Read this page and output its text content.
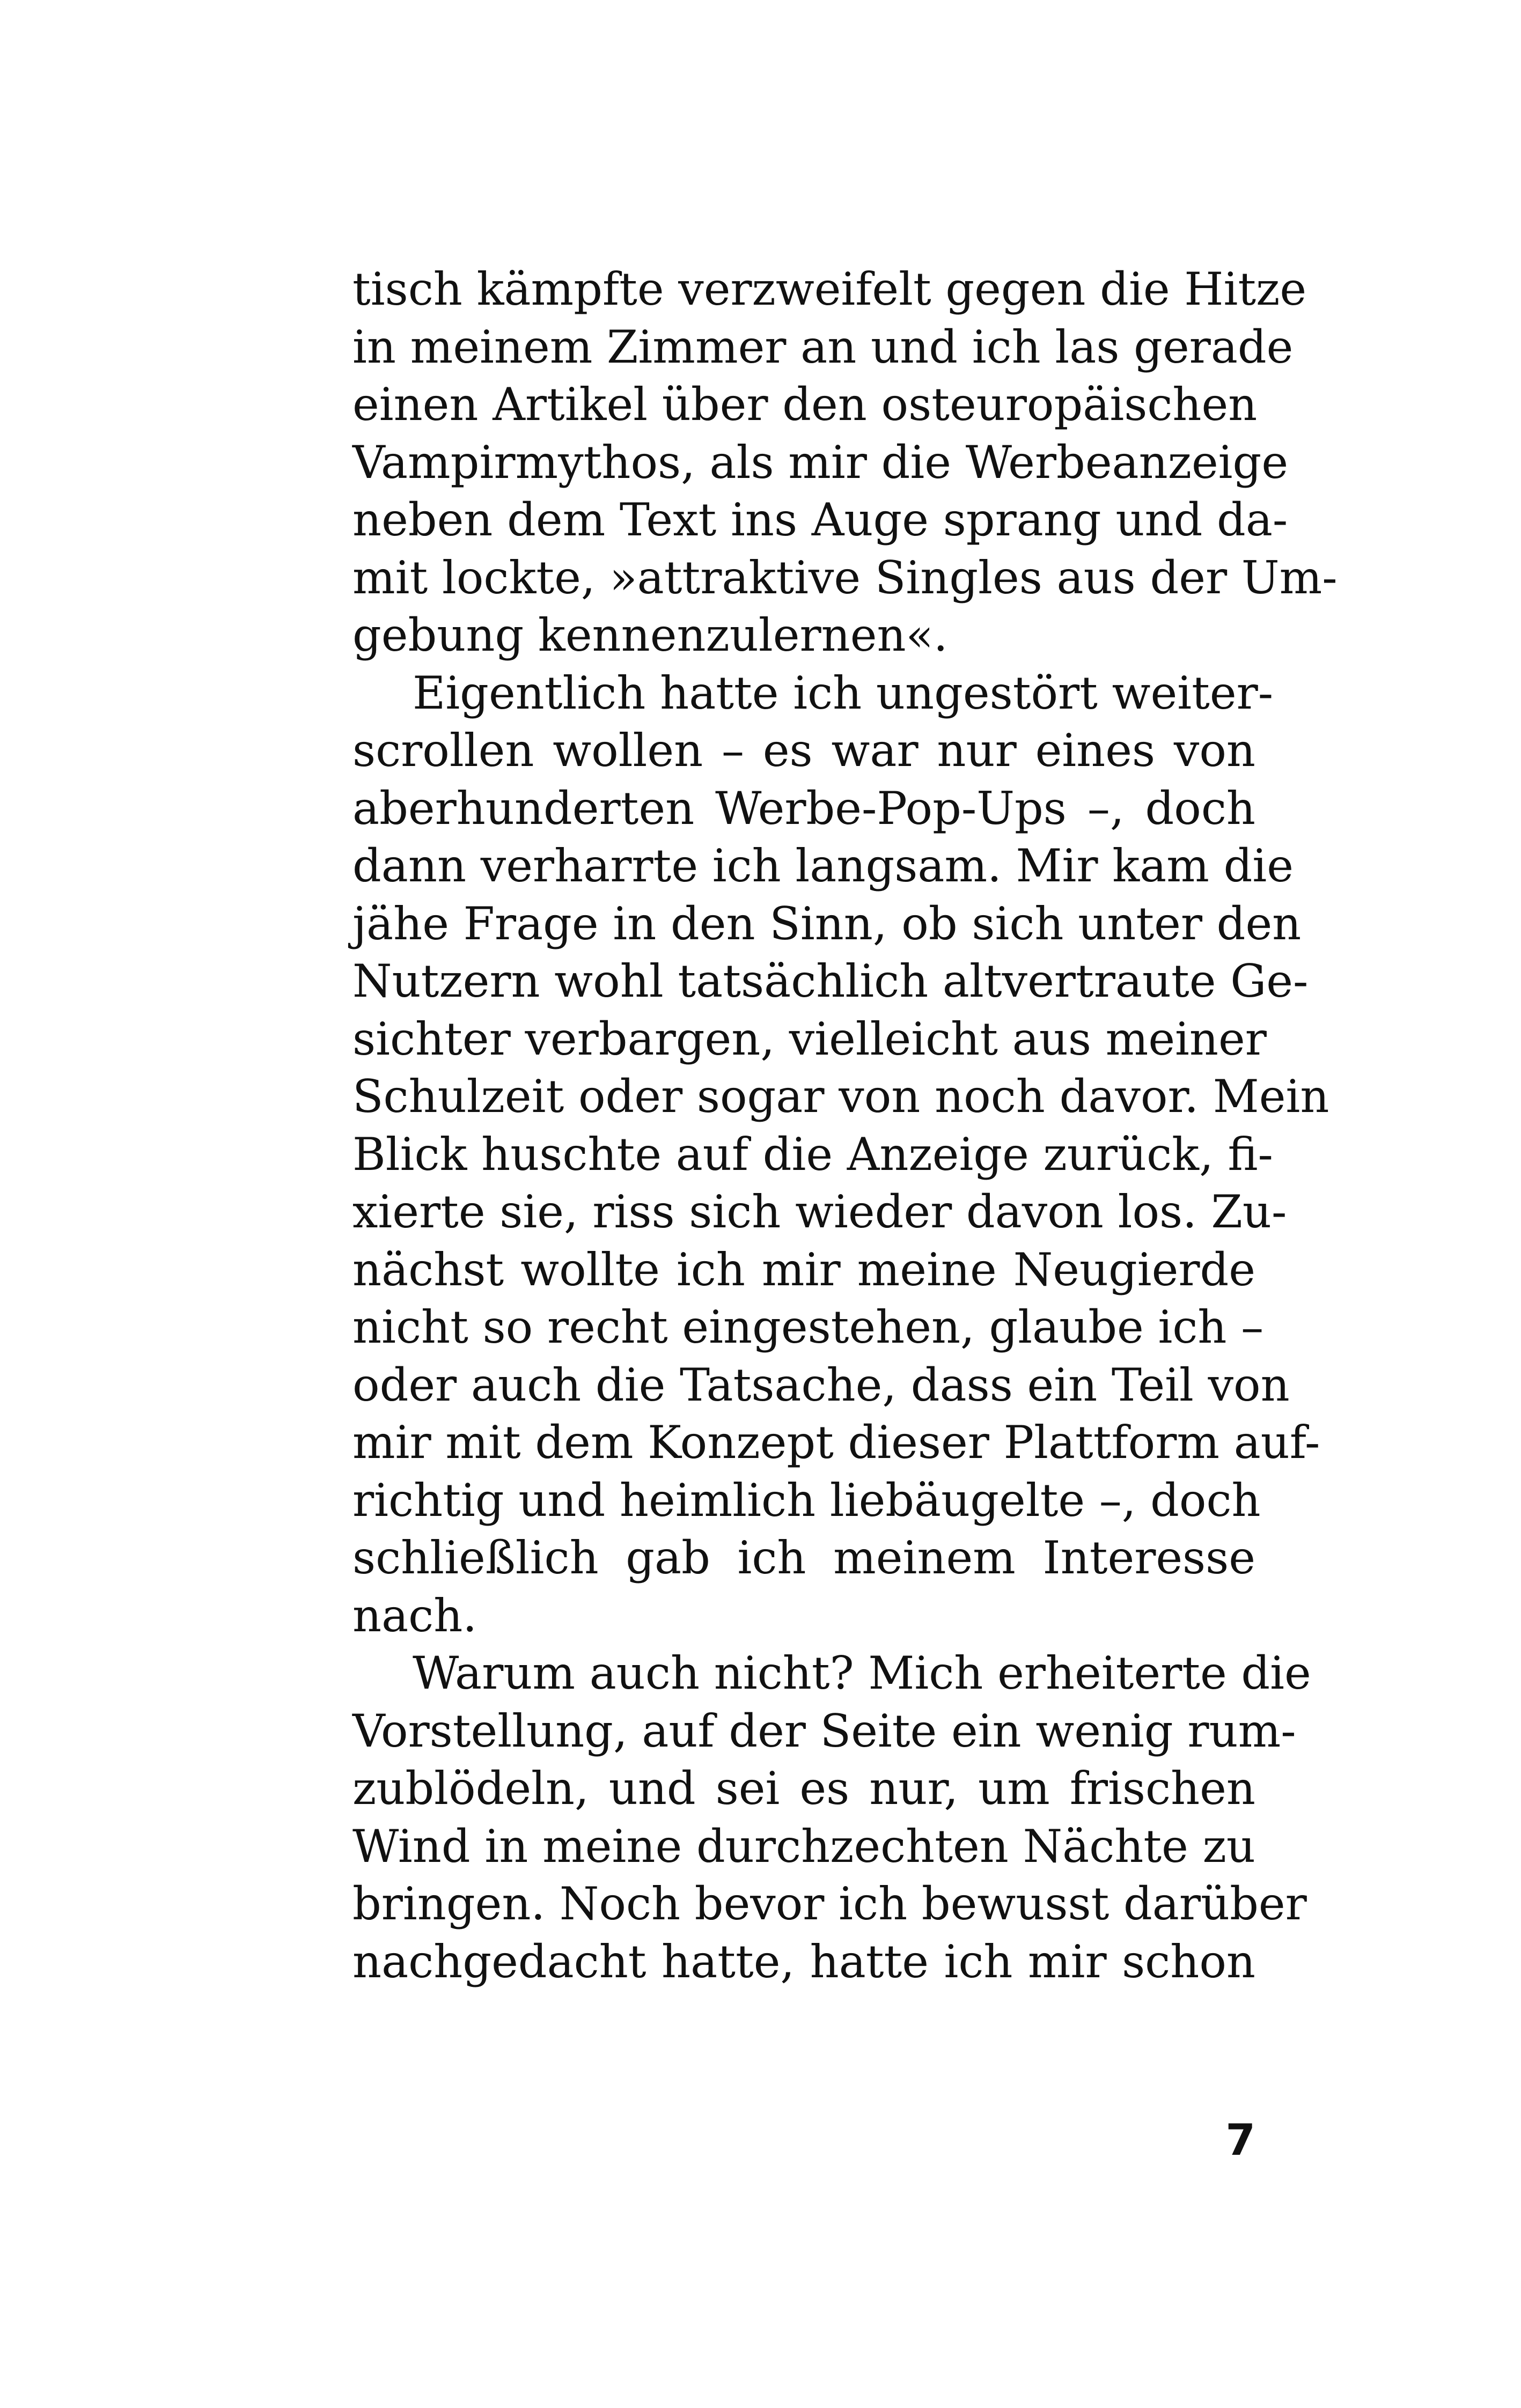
tisch kämpfte verzweifelt gegen die Hitze
in meinem Zimmer an und ich las gerade
einen Artikel über den osteuropäischen
Vampirmythos, als mir die Werbeanzeige
neben dem Text ins Auge sprang und da-
mit lockte, »attraktive Singles aus der Um-
gebung kennenzulernen«.
Eigentlich hatte ich ungestört weiter-
scrollen wollen – es war nur eines von
aberhunderten Werbe-Pop-Ups –, doch
dann verharrte ich langsam. Mir kam die
jähe Frage in den Sinn, ob sich unter den
Nutzern wohl tatsächlich altvertraute Ge-
sichter verbargen, vielleicht aus meiner
Schulzeit oder sogar von noch davor. Mein
Blick huschte auf die Anzeige zurück, fi-
xierte sie, riss sich wieder davon los. Zu-
nächst wollte ich mir meine Neugierde
nicht so recht eingestehen, glaube ich –
oder auch die Tatsache, dass ein Teil von
mir mit dem Konzept dieser Plattform auf-
richtig und heimlich liebäugelte –, doch
schließlich gab ich meinem Interesse
nach.
Warum auch nicht? Mich erheiterte die
Vorstellung, auf der Seite ein wenig rum-
zublödeln, und sei es nur, um frischen
Wind in meine durchzechten Nächte zu
bringen. Noch bevor ich bewusst darüber
nachgedacht hatte, hatte ich mir schon
7
